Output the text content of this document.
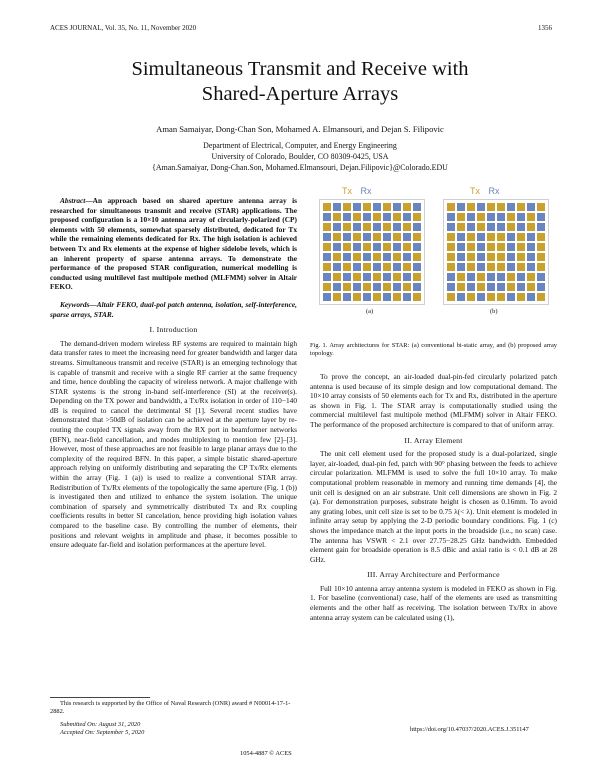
ACES JOURNAL, Vol. 35, No. 11, November 2020	1356
Simultaneous Transmit and Receive with
Shared-Aperture Arrays
Aman Samaiyar, Dong-Chan Son, Mohamed A. Elmansouri, and Dejan S. Filipovic
Department of Electrical, Computer, and Energy Engineering
University of Colorado, Boulder, CO 80309-0425, USA
{Aman.Samaiyar, Dong-Chan.Son, Mohamed.Elmansouri, Dejan.Filipovic}@Colorado.EDU

Abstract—An approach based on shared aperture antenna array is researched for simultaneous transmit and receive (STAR) applications. The proposed configuration is a 10×10 antenna array of circularly-polarized (CP) elements with 50 elements, somewhat sparsely distributed, dedicated for Tx while the remaining elements dedicated for Rx. The high isolation is achieved between Tx and Rx elements at the expense of higher sidelobe levels, which is an inherent property of sparse antenna arrays. To demonstrate the performance of the proposed STAR configuration, numerical modelling is conducted using multilevel fast multipole method (MLFMM) solver in Altair FEKO.

Keywords—Altair FEKO, dual-pol patch antenna, isolation, self-interference, sparse arrays, STAR.

I. Introduction

The demand-driven modern wireless RF systems are required to maintain high data transfer rates to meet the increasing need for greater bandwidth and larger data streams. Simultaneous transmit and receive (STAR) is an emerging technology that is capable of transmit and receive with a single RF carrier at the same frequency and time, hence doubling the capacity of wireless network. A major challenge with STAR systems is the strong in-band self-interference (SI) at the receiver(s). Depending on the TX power and bandwidth, a Tx/Rx isolation in order of 110−140 dB is required to cancel the detrimental SI [1]. Several recent studies have demonstrated that >50dB of isolation can be achieved at the aperture layer by re-routing the coupled TX signals away from the RX port in beamformer networks (BFN), near-field cancellation, and modes multiplexing to mention few [2]–[3]. However, most of these approaches are not feasible to large planar arrays due to the complexity of the required BFN. In this paper, a simple bistatic shared-aperture approach relying on uniformly distributing and separating the CP Tx/Rx elements within the array (Fig. 1 (a)) is used to realize a conventional STAR array. Redistribution of Tx/Rx elements of the topologically the same aperture (Fig. 1 (b)) is investigated then and utilized to enhance the system isolation. The unique combination of sparsely and symmetrically distributed Tx and Rx coupling coefficients results in better SI cancelation, hence providing high isolation values compared to the baseline case. By controlling the number of elements, their positions and relevant weights in amplitude and phase, it becomes possible to ensure adequate far-field and isolation performances at the aperture level.

This research is supported by the Office of Naval Research (ONR) award # N00014-17-1-2882.
Submitted On: August 31, 2020
Accepted On: September 5, 2020
Tx Rx	Tx Rx
(a)	(b)
Fig. 1. Array architectures for STAR: (a) conventional bi-static array, and (b) proposed array topology.

To prove the concept, an air-loaded dual-pin-fed circularly polarized patch antenna is used because of its simple design and low computational demand. The 10×10 array consists of 50 elements each for Tx and Rx, distributed in the aperture as shown in Fig. 1. The STAR array is computationally studied using the commercial multilevel fast multipole method (MLFMM) solver in Altair FEKO. The performance of the proposed architecture is compared to that of uniform array.

II. Array Element

The unit cell element used for the proposed study is a dual-polarized, single layer, air-loaded, dual-pin fed, patch with 90° phasing between the feeds to achieve circular polarization. MLFMM is used to solve the full 10×10 array. To make computational problem reasonable in memory and running time demands [4], the unit cell is designed on an air substrate. Unit cell dimensions are shown in Fig. 2 (a). For demonstration purposes, substrate height is chosen as 0.16mm. To avoid any grating lobes, unit cell size is set to be 0.75 λ(< λ). Unit element is modeled in infinite array setup by applying the 2-D periodic boundary conditions. Fig. 1 (c) shows the impedance match at the input ports in the broadside (i.e., no scan) case. The antenna has VSWR < 2.1 over 27.75−28.25 GHz bandwidth. Embedded element gain for broadside operation is 8.5 dBic and axial ratio is < 0.1 dB at 28 GHz.

III. Array Architecture and Performance

Full 10×10 antenna array antenna system is modeled in FEKO as shown in Fig. 1. For baseline (conventional) case, half of the elements are used as transmitting elements and the other half as receiving. The isolation between Tx/Rx in above antenna array system can be calculated using (1),

https://doi.org/10.47037/2020.ACES.J.351147
1054-4887 © ACES
